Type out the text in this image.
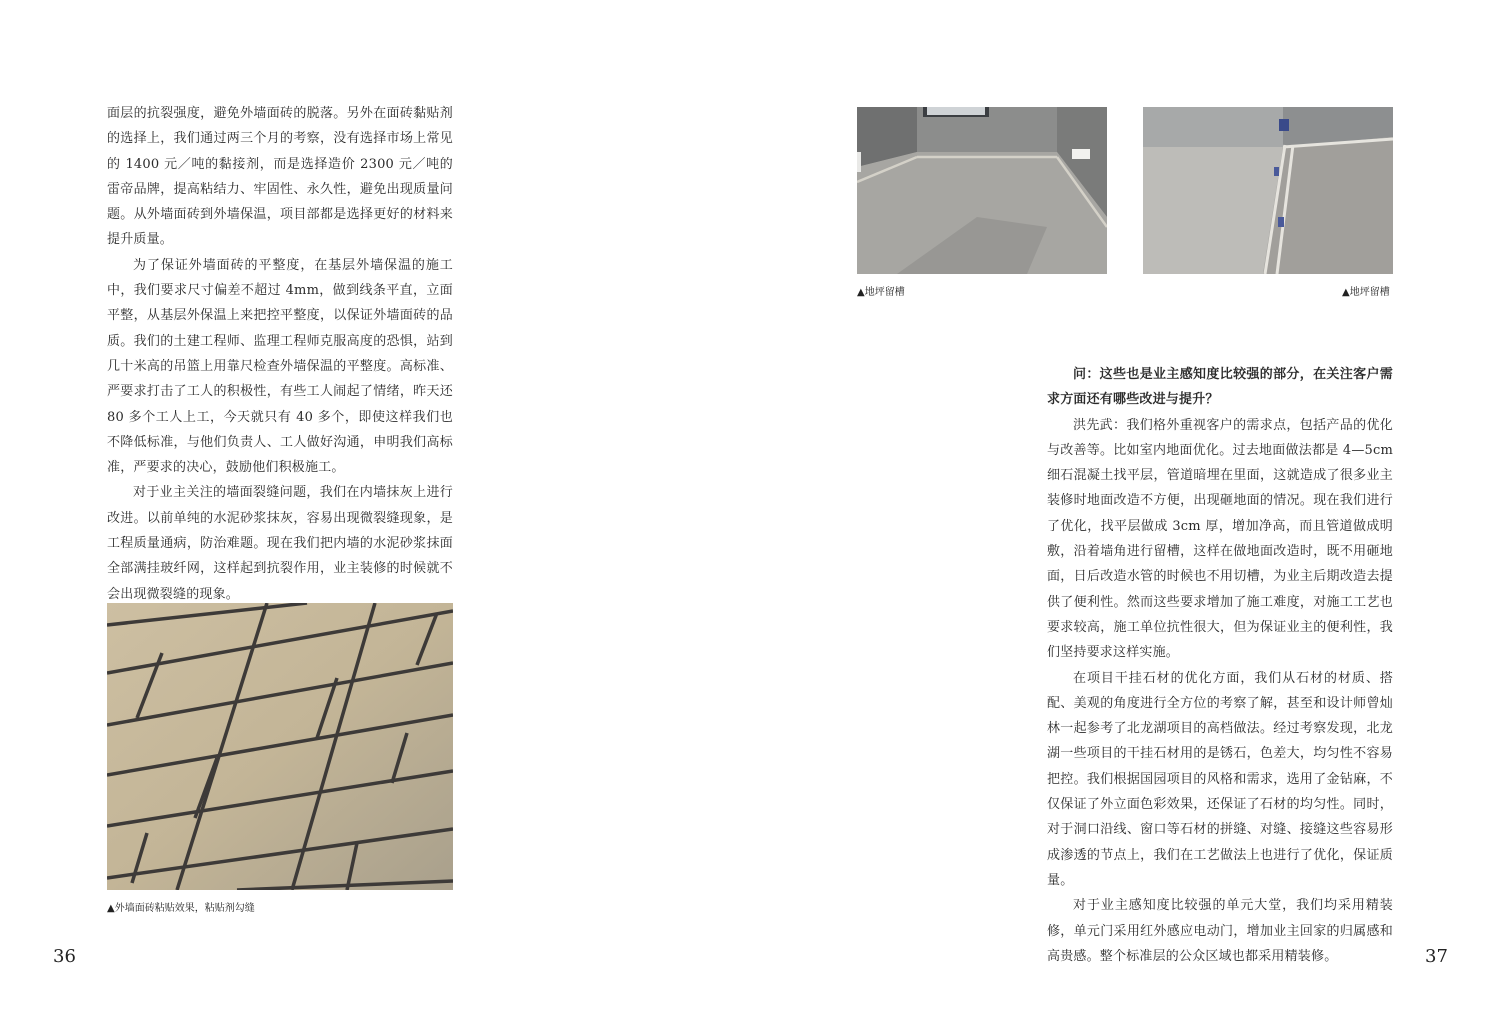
面层的抗裂强度，避免外墙面砖的脱落。另外在面砖黏贴剂的选择上，我们通过两三个月的考察，没有选择市场上常见的 1400 元／吨的黏接剂，而是选择造价 2300 元／吨的雷帝品牌，提高粘结力、牢固性、永久性，避免出现质量问题。从外墙面砖到外墙保温，项目部都是选择更好的材料来提升质量。

为了保证外墙面砖的平整度，在基层外墙保温的施工中，我们要求尺寸偏差不超过 4mm，做到线条平直，立面平整，从基层外保温上来把控平整度，以保证外墙面砖的品质。我们的土建工程师、监理工程师克服高度的恐惧，站到几十米高的吊篮上用靠尺检查外墙保温的平整度。高标准、严要求打击了工人的积极性，有些工人闹起了情绪，昨天还 80 多个工人上工，今天就只有 40 多个，即使这样我们也不降低标准，与他们负责人、工人做好沟通，申明我们高标准，严要求的决心，鼓励他们积极施工。

对于业主关注的墙面裂缝问题，我们在内墙抹灰上进行改进。以前单纯的水泥砂浆抹灰，容易出现微裂缝现象，是工程质量通病，防治难题。现在我们把内墙的水泥砂浆抹面全部满挂玻纤网，这样起到抗裂作用，业主装修的时候就不会出现微裂缝的现象。

▲外墙面砖粘贴效果，粘贴剂勾缝
36
▲地坪留槽	▲地坪留槽

问：这些也是业主感知度比较强的部分，在关注客户需求方面还有哪些改进与提升？

洪先武：我们格外重视客户的需求点，包括产品的优化与改善等。比如室内地面优化。过去地面做法都是 4—5cm 细石混凝土找平层，管道暗埋在里面，这就造成了很多业主装修时地面改造不方便，出现砸地面的情况。现在我们进行了优化，找平层做成 3cm 厚，增加净高，而且管道做成明敷，沿着墙角进行留槽，这样在做地面改造时，既不用砸地面，日后改造水管的时候也不用切槽，为业主后期改造去提供了便利性。然而这些要求增加了施工难度，对施工工艺也要求较高，施工单位抗性很大，但为保证业主的便利性，我们坚持要求这样实施。

在项目干挂石材的优化方面，我们从石材的材质、搭配、美观的角度进行全方位的考察了解，甚至和设计师曾灿林一起参考了北龙湖项目的高档做法。经过考察发现，北龙湖一些项目的干挂石材用的是锈石，色差大，均匀性不容易把控。我们根据国园项目的风格和需求，选用了金钻麻，不仅保证了外立面色彩效果，还保证了石材的均匀性。同时，对于洞口沿线、窗口等石材的拼缝、对缝、接缝这些容易形成渗透的节点上，我们在工艺做法上也进行了优化，保证质量。

对于业主感知度比较强的单元大堂，我们均采用精装修，单元门采用红外感应电动门，增加业主回家的归属感和高贵感。整个标准层的公众区域也都采用精装修。	37
